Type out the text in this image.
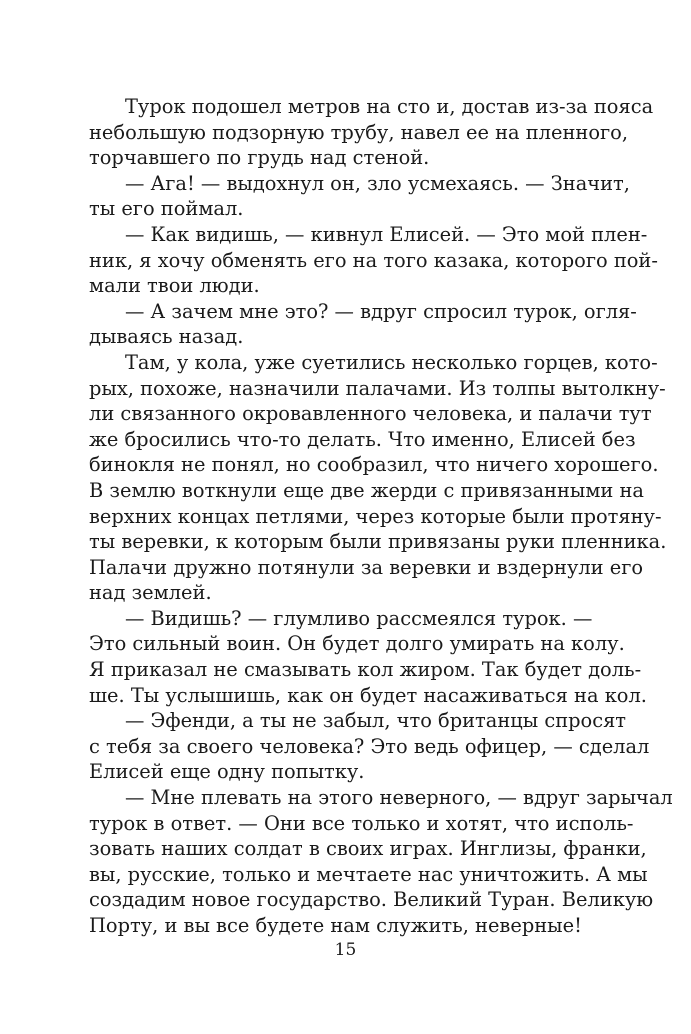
Турок подошел метров на сто и, достав из-за пояса
небольшую подзорную трубу, навел ее на пленного,
торчавшего по грудь над стеной.
— Ага! — выдохнул он, зло усмехаясь. — Значит,
ты его поймал.
— Как видишь, — кивнул Елисей. — Это мой плен-
ник, я хочу обменять его на того казака, которого пой-
мали твои люди.
— А зачем мне это? — вдруг спросил турок, огля-
дываясь назад.
Там, у кола, уже суетились несколько горцев, кото-
рых, похоже, назначили палачами. Из толпы вытолкну-
ли связанного окровавленного человека, и палачи тут
же бросились что-то делать. Что именно, Елисей без
бинокля не понял, но сообразил, что ничего хорошего.
В землю воткнули еще две жерди с привязанными на
верхних концах петлями, через которые были протяну-
ты веревки, к которым были привязаны руки пленника.
Палачи дружно потянули за веревки и вздернули его
над землей.
— Видишь? — глумливо рассмеялся турок. —
Это сильный воин. Он будет долго умирать на колу.
Я приказал не смазывать кол жиром. Так будет доль-
ше. Ты услышишь, как он будет насаживаться на кол.
— Эфенди, а ты не забыл, что британцы спросят
с тебя за своего человека? Это ведь офицер, — сделал
Елисей еще одну попытку.
— Мне плевать на этого неверного, — вдруг зарычал
турок в ответ. — Они все только и хотят, что исполь-
зовать наших солдат в своих играх. Инглизы, франки,
вы, русские, только и мечтаете нас уничтожить. А мы
создадим новое государство. Великий Туран. Великую
Порту, и вы все будете нам служить, неверные!
15
